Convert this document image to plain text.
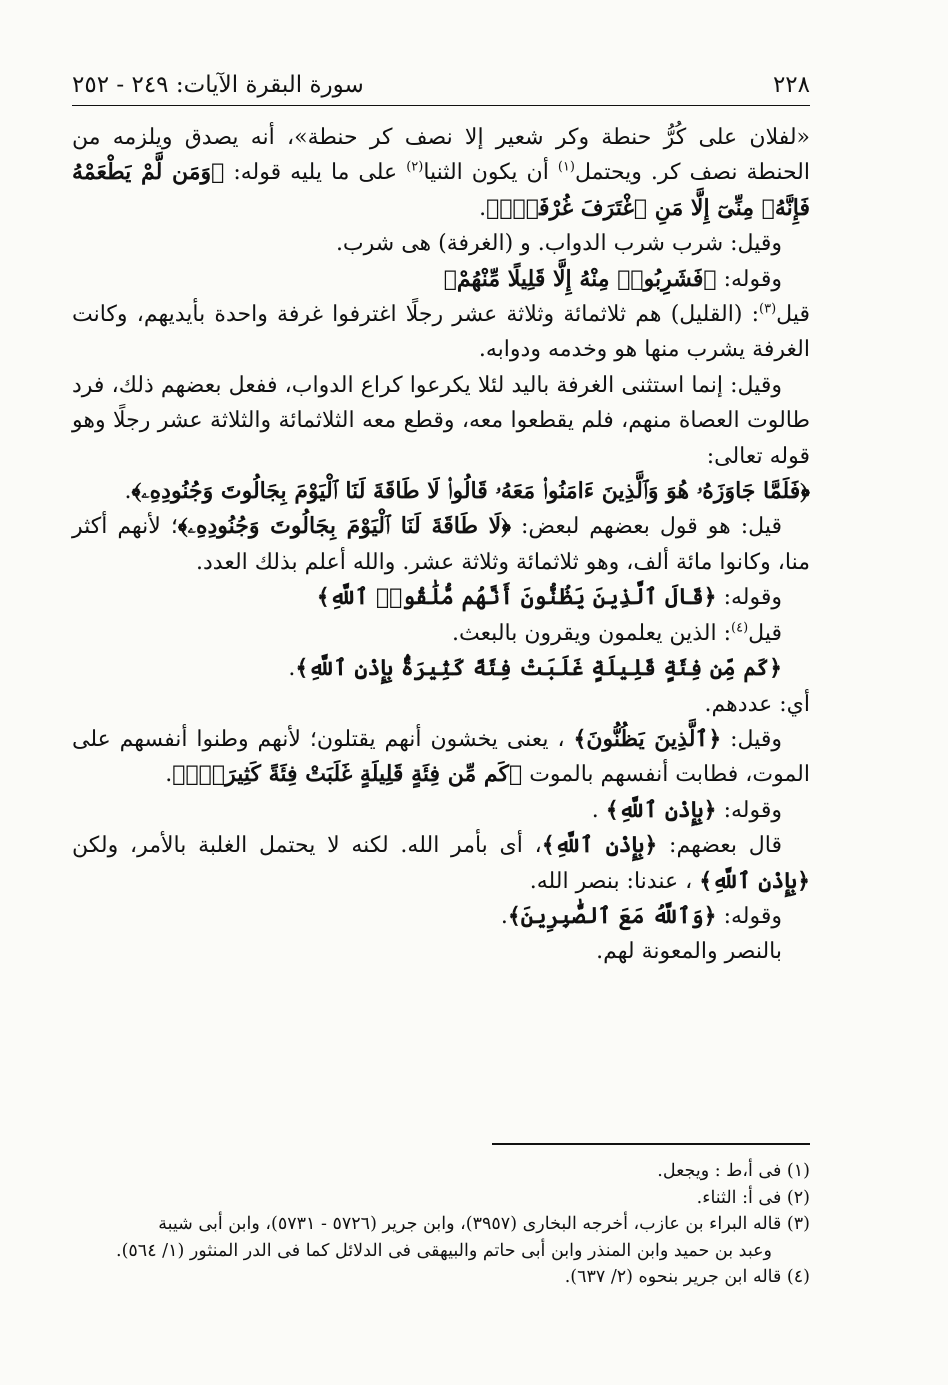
سورة البقرة الآيات: ٢٤٩ - ٢٥٢	٢٢٨

«لفلان على كُرُّ حنطة وكر شعير إلا نصف كر حنطة»، أنه يصدق ويلزمه من الحنطة نصف كر. ويحتمل$^{(١)}$ أن يكون الثنيا$^{(٢)}$ على ما يليه قوله: ﴿وَمَن لَّمْ يَطْعَمْهُ فَإِنَّهُۥ مِنِّىٓ إِلَّا مَنِ ٱغْتَرَفَ غُرْفَةًۢ﴾.

وقيل: شرب شرب الدواب. و (الغرفة) هى شرب.

وقوله: ﴿فَشَرِبُوا۟ مِنْهُ إِلَّا قَلِيلًا مِّنْهُمْ﴾

قيل$^{(٣)}$: (القليل) هم ثلاثمائة وثلاثة عشر رجلًا اغترفوا غرفة واحدة بأيديهم، وكانت الغرفة يشرب منها هو وخدمه ودوابه.

وقيل: إنما استثنى الغرفة باليد لئلا يكرعوا كراع الدواب، ففعل بعضهم ذلك، فرد طالوت العصاة منهم، فلم يقطعوا معه، وقطع معه الثلاثمائة والثلاثة عشر رجلًا وهو قوله تعالى:

﴿فَلَمَّا جَاوَزَهُۥ هُوَ وَٱلَّذِينَ ءَامَنُوا۟ مَعَهُۥ قَالُوا۟ لَا طَاقَةَ لَنَا ٱلْيَوْمَ بِجَالُوتَ وَجُنُودِهِۦ﴾.

قيل: هو قول بعضهم لبعض: ﴿لَا طَاقَةَ لَنَا ٱلْيَوْمَ بِجَالُوتَ وَجُنُودِهِۦ﴾؛ لأنهم أكثر منا، وكانوا مائة ألف، وهو ثلاثمائة وثلاثة عشر. والله أعلم بذلك العدد.

وقوله: ﴿قَالَ ٱلَّذِينَ يَظُنُّونَ أَنَّهُم مُّلَٰقُوا۟ ٱللَّهِ﴾

قيل$^{(٤)}$: الذين يعلمون ويقرون بالبعث.

﴿كَم مِّن فِئَةٍ قَلِيلَةٍ غَلَبَتْ فِئَةً كَثِيرَةًۢ بِإِذْنِ ٱللَّهِ﴾.

أي: عددهم.

وقيل: ﴿ٱلَّذِينَ يَظُنُّونَ﴾ ، يعنى يخشون أنهم يقتلون؛ لأنهم وطنوا أنفسهم على الموت، فطابت أنفسهم بالموت ﴿كَم مِّن فِئَةٍ قَلِيلَةٍ غَلَبَتْ فِئَةً كَثِيرَةًۢ﴾.

وقوله: ﴿بِإِذْنِ ٱللَّهِ﴾ .

قال بعضهم: ﴿بِإِذْنِ ٱللَّهِ﴾، أى بأمر الله. لكنه لا يحتمل الغلبة بالأمر، ولكن ﴿بِإِذْنِ ٱللَّهِ﴾ ، عندنا: بنصر الله.

وقوله: ﴿وَٱللَّهُ مَعَ ٱلصَّٰبِرِينَ﴾.

بالنصر والمعونة لهم.

(١) فى أ،ط : ويجعل.

(٢) فى أ: الثناء.

(٣) قاله البراء بن عازب، أخرجه البخارى (٣٩٥٧)، وابن جرير (٥٧٢٦ - ٥٧٣١)، وابن أبى شيبة

وعبد بن حميد وابن المنذر وابن أبى حاتم والبيهقى فى الدلائل كما فى الدر المنثور (١/ ٥٦٤).

(٤) قاله ابن جرير بنحوه (٢/ ٦٣٧).
